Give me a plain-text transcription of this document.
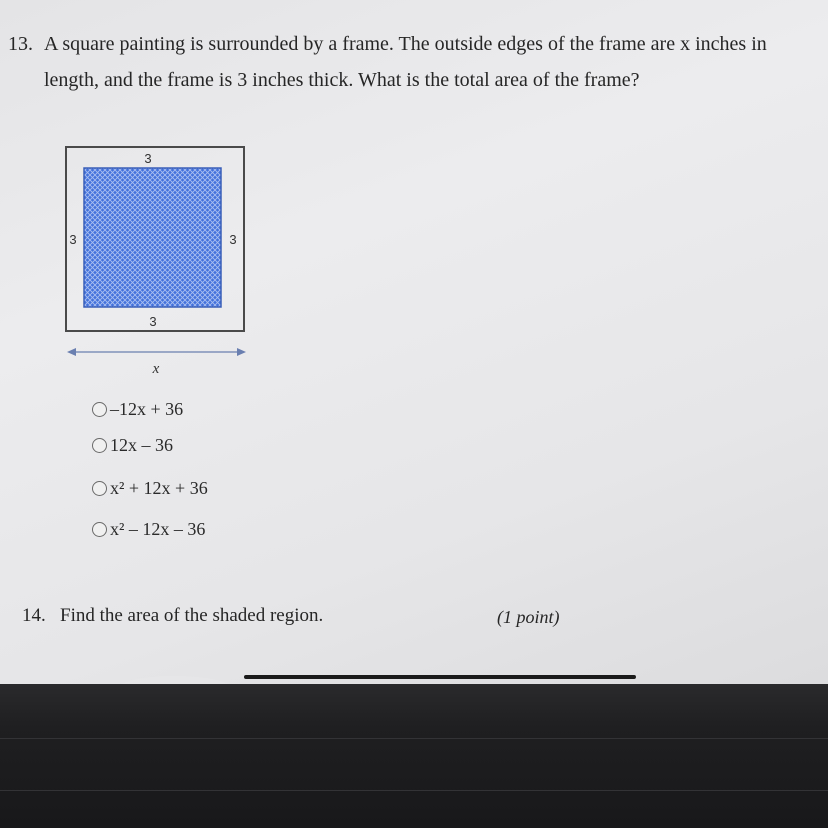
13. A square painting is surrounded by a frame. The outside edges of the frame are x inches in
length, and the frame is 3 inches thick. What is the total area of the frame?
3
3	3
3
x
–12x + 36
12x – 36
x² + 12x + 36
x² – 12x – 36
14. Find the area of the shaded region.	(1 point)
